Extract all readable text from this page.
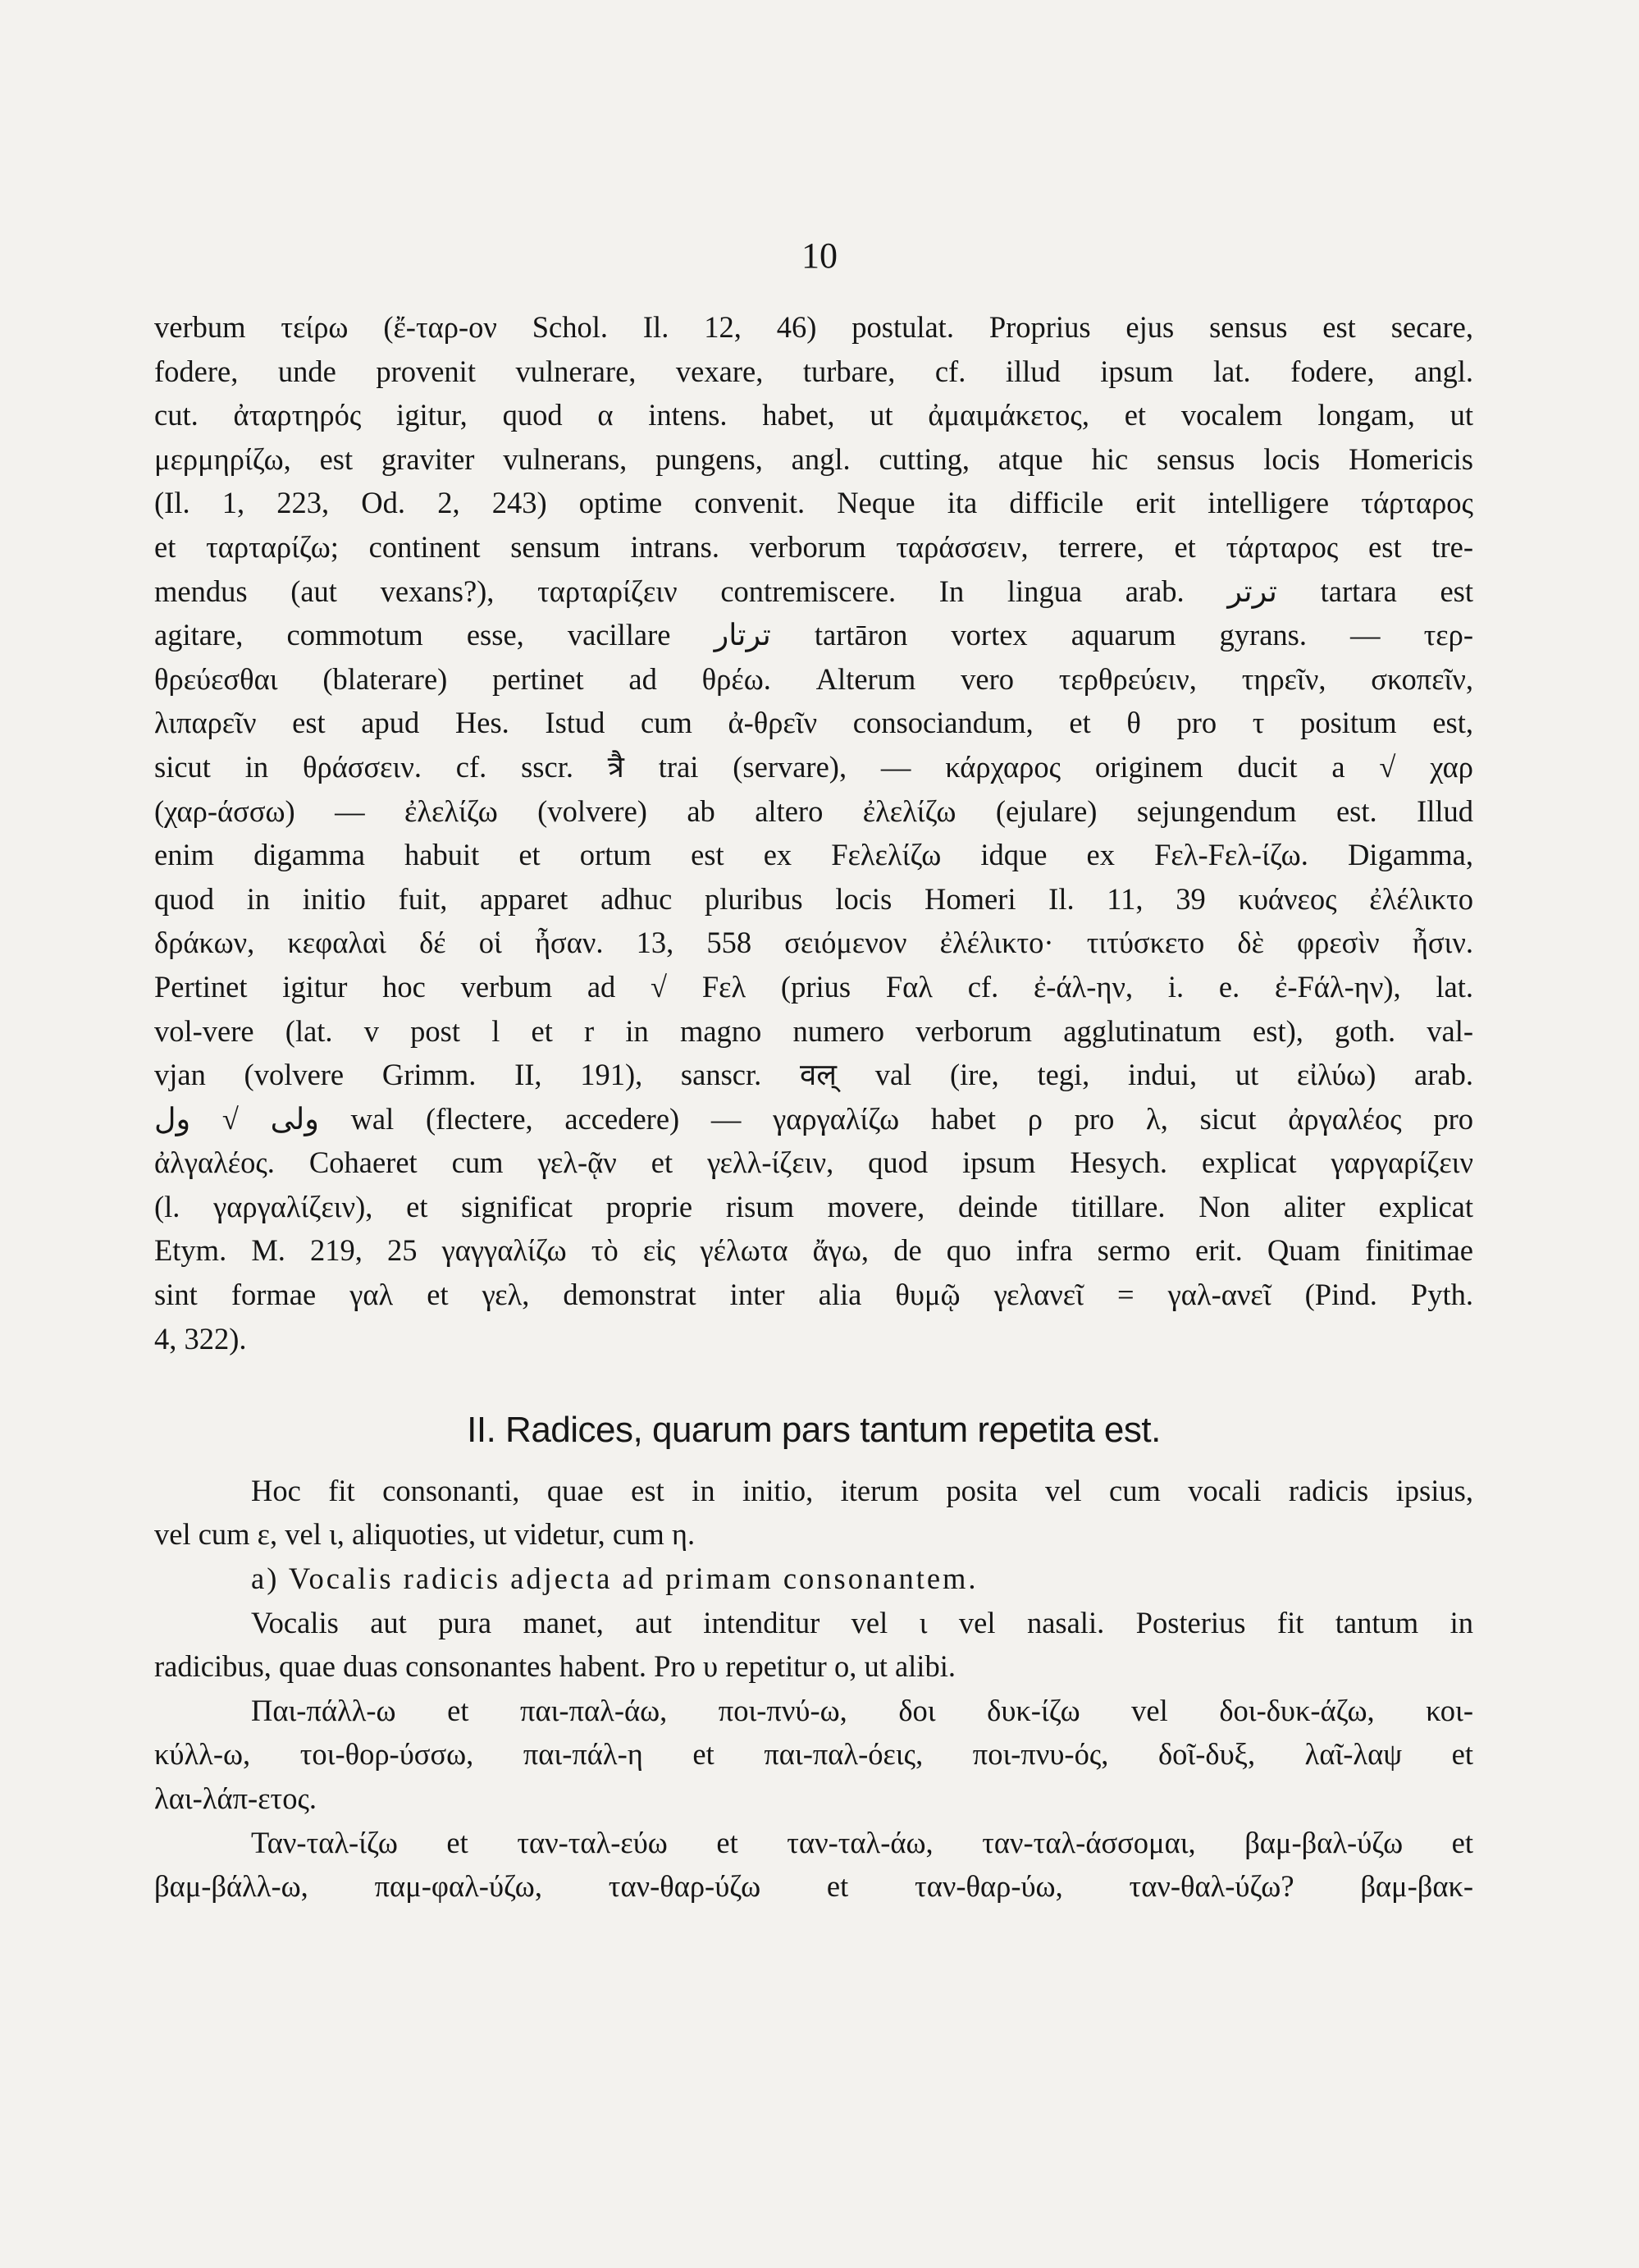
10
verbum τείρω (ἔ-ταρ-ον Schol. Il. 12, 46) postulat. Proprius ejus sensus est secare,
fodere, unde provenit vulnerare, vexare, turbare, cf. illud ipsum lat. fodere, angl.
cut. ἀταρτηρός igitur, quod α intens. habet, ut ἀμαιμάκετος, et vocalem longam, ut
μερμηρίζω, est graviter vulnerans, pungens, angl. cutting, atque hic sensus locis Homericis
(Il. 1, 223, Od. 2, 243) optime convenit. Neque ita difficile erit intelligere τάρταρος
et ταρταρίζω; continent sensum intrans. verborum ταράσσειν, terrere, et τάρταρος est tre-
mendus (aut vexans?), ταρταρίζειν contremiscere. In lingua arab. ترتر tartara est
agitare, commotum esse, vacillare ترتار tartāron vortex aquarum gyrans. — τερ-
θρεύεσθαι (blaterare) pertinet ad θρέω. Alterum vero τερθρεύειν, τηρεῖν, σκοπεῖν,
λιπαρεῖν est apud Hes. Istud cum ἀ-θρεῖν consociandum, et θ pro τ positum est,
sicut in θράσσειν. cf. sscr. त्रै trai (servare), — κάρχαρος originem ducit a √ χαρ
(χαρ-άσσω) — ἐλελίζω (volvere) ab altero ἐλελίζω (ejulare) sejungendum est. Illud
enim digamma habuit et ortum est ex Fελελίζω idque ex Fελ-Fελ-ίζω. Digamma,
quod in initio fuit, apparet adhuc pluribus locis Homeri Il. 11, 39 κυάνεος ἐλέλικτο
δράκων, κεφαλαὶ δέ οἱ ἦσαν. 13, 558 σειόμενον ἐλέλικτο· τιτύσκετο δὲ φρεσὶν ἦσιν.
Pertinet igitur hoc verbum ad √ Fελ (prius Fαλ cf. ἐ-άλ-ην, i. e. ἐ-Fάλ-ην), lat.
vol-vere (lat. v post l et r in magno numero verborum agglutinatum est), goth. val-
vjan (volvere Grimm. II, 191), sanscr. वल् val (ire, tegi, indui, ut εἰλύω) arab.
ولى √ ول wal (flectere, accedere) — γαργαλίζω habet ρ pro λ, sicut ἀργαλέος pro
ἀλγαλέος. Cohaeret cum γελ-ᾷν et γελλ-ίζειν, quod ipsum Hesych. explicat γαργαρίζειν
(l. γαργαλίζειν), et significat proprie risum movere, deinde titillare. Non aliter explicat
Etym. M. 219, 25 γαγγαλίζω τὸ εἰς γέλωτα ἄγω, de quo infra sermo erit. Quam finitimae
sint formae γαλ et γελ, demonstrat inter alia θυμῷ γελανεῖ = γαλ-ανεῖ (Pind. Pyth.
4, 322).
II. Radices, quarum pars tantum repetita est.
Hoc fit consonanti, quae est in initio, iterum posita vel cum vocali radicis ipsius,
vel cum ε, vel ι, aliquoties, ut videtur, cum η.
a) Vocalis radicis adjecta ad primam consonantem.
Vocalis aut pura manet, aut intenditur vel ι vel nasali. Posterius fit tantum in
radicibus, quae duas consonantes habent. Pro υ repetitur ο, ut alibi.
Παι-πάλλ-ω et παι-παλ-άω, ποι-πνύ-ω, δοι δυκ-ίζω vel δοι-δυκ-άζω, κοι-
κύλλ-ω, τοι-θορ-ύσσω, παι-πάλ-η et παι-παλ-όεις, ποι-πνυ-ός, δοῖ-δυξ, λαῖ-λαψ et
λαι-λάπ-ετος.
Ταν-ταλ-ίζω et ταν-ταλ-εύω et ταν-ταλ-άω, ταν-ταλ-άσσομαι, βαμ-βαλ-ύζω et
βαμ-βάλλ-ω, παμ-φαλ-ύζω, ταν-θαρ-ύζω et ταν-θαρ-ύω, ταν-θαλ-ύζω? βαμ-βακ-
